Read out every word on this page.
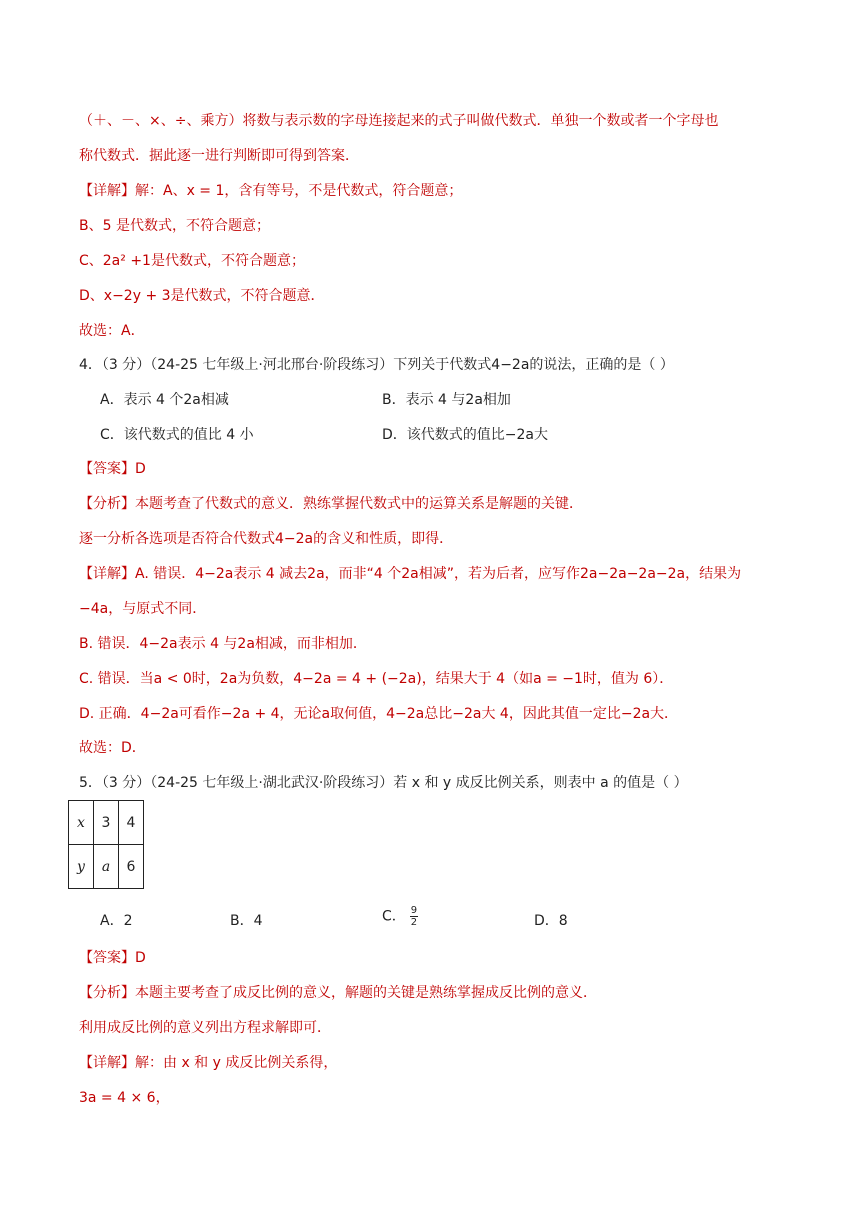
（＋、－、×、÷、乘方）将数与表示数的字母连接起来的式子叫做代数式．单独一个数或者一个字母也
称代数式．据此逐一进行判断即可得到答案．
【详解】解：A、x = 1，含有等号，不是代数式，符合题意；
B、5 是代数式，不符合题意；
C、2a² +1是代数式，不符合题意；
D、x−2y + 3是代数式，不符合题意．
故选：A．
4．（3 分）（24-25 七年级上·河北邢台·阶段练习）下列关于代数式4−2a的说法，正确的是（ ）
A．表示 4 个2a相减	B．表示 4 与2a相加
C．该代数式的值比 4 小	D．该代数式的值比−2a大
【答案】D
【分析】本题考查了代数式的意义．熟练掌握代数式中的运算关系是解题的关键．
逐一分析各选项是否符合代数式4−2a的含义和性质，即得．
【详解】A. 错误．4−2a表示 4 减去2a，而非“4 个2a相减”，若为后者，应写作2a−2a−2a−2a，结果为
−4a，与原式不同．
B. 错误．4−2a表示 4 与2a相减，而非相加．
C. 错误．当a < 0时，2a为负数，4−2a = 4 + (−2a)，结果大于 4（如a = −1时，值为 6）．
D. 正确．4−2a可看作−2a + 4，无论a取何值，4−2a总比−2a大 4，因此其值一定比−2a大．
故选：D．
5．（3 分）（24-25 七年级上·湖北武汉·阶段练习）若 x 和 y 成反比例关系，则表中 a 的值是（ ）
x	3	4
y	a	6
A．2	B．4	C． $\frac{9}{2}$	D．8
【答案】D
【分析】本题主要考查了成反比例的意义，解题的关键是熟练掌握成反比例的意义．
利用成反比例的意义列出方程求解即可．
【详解】解：由 x 和 y 成反比例关系得，
3a = 4 × 6，
